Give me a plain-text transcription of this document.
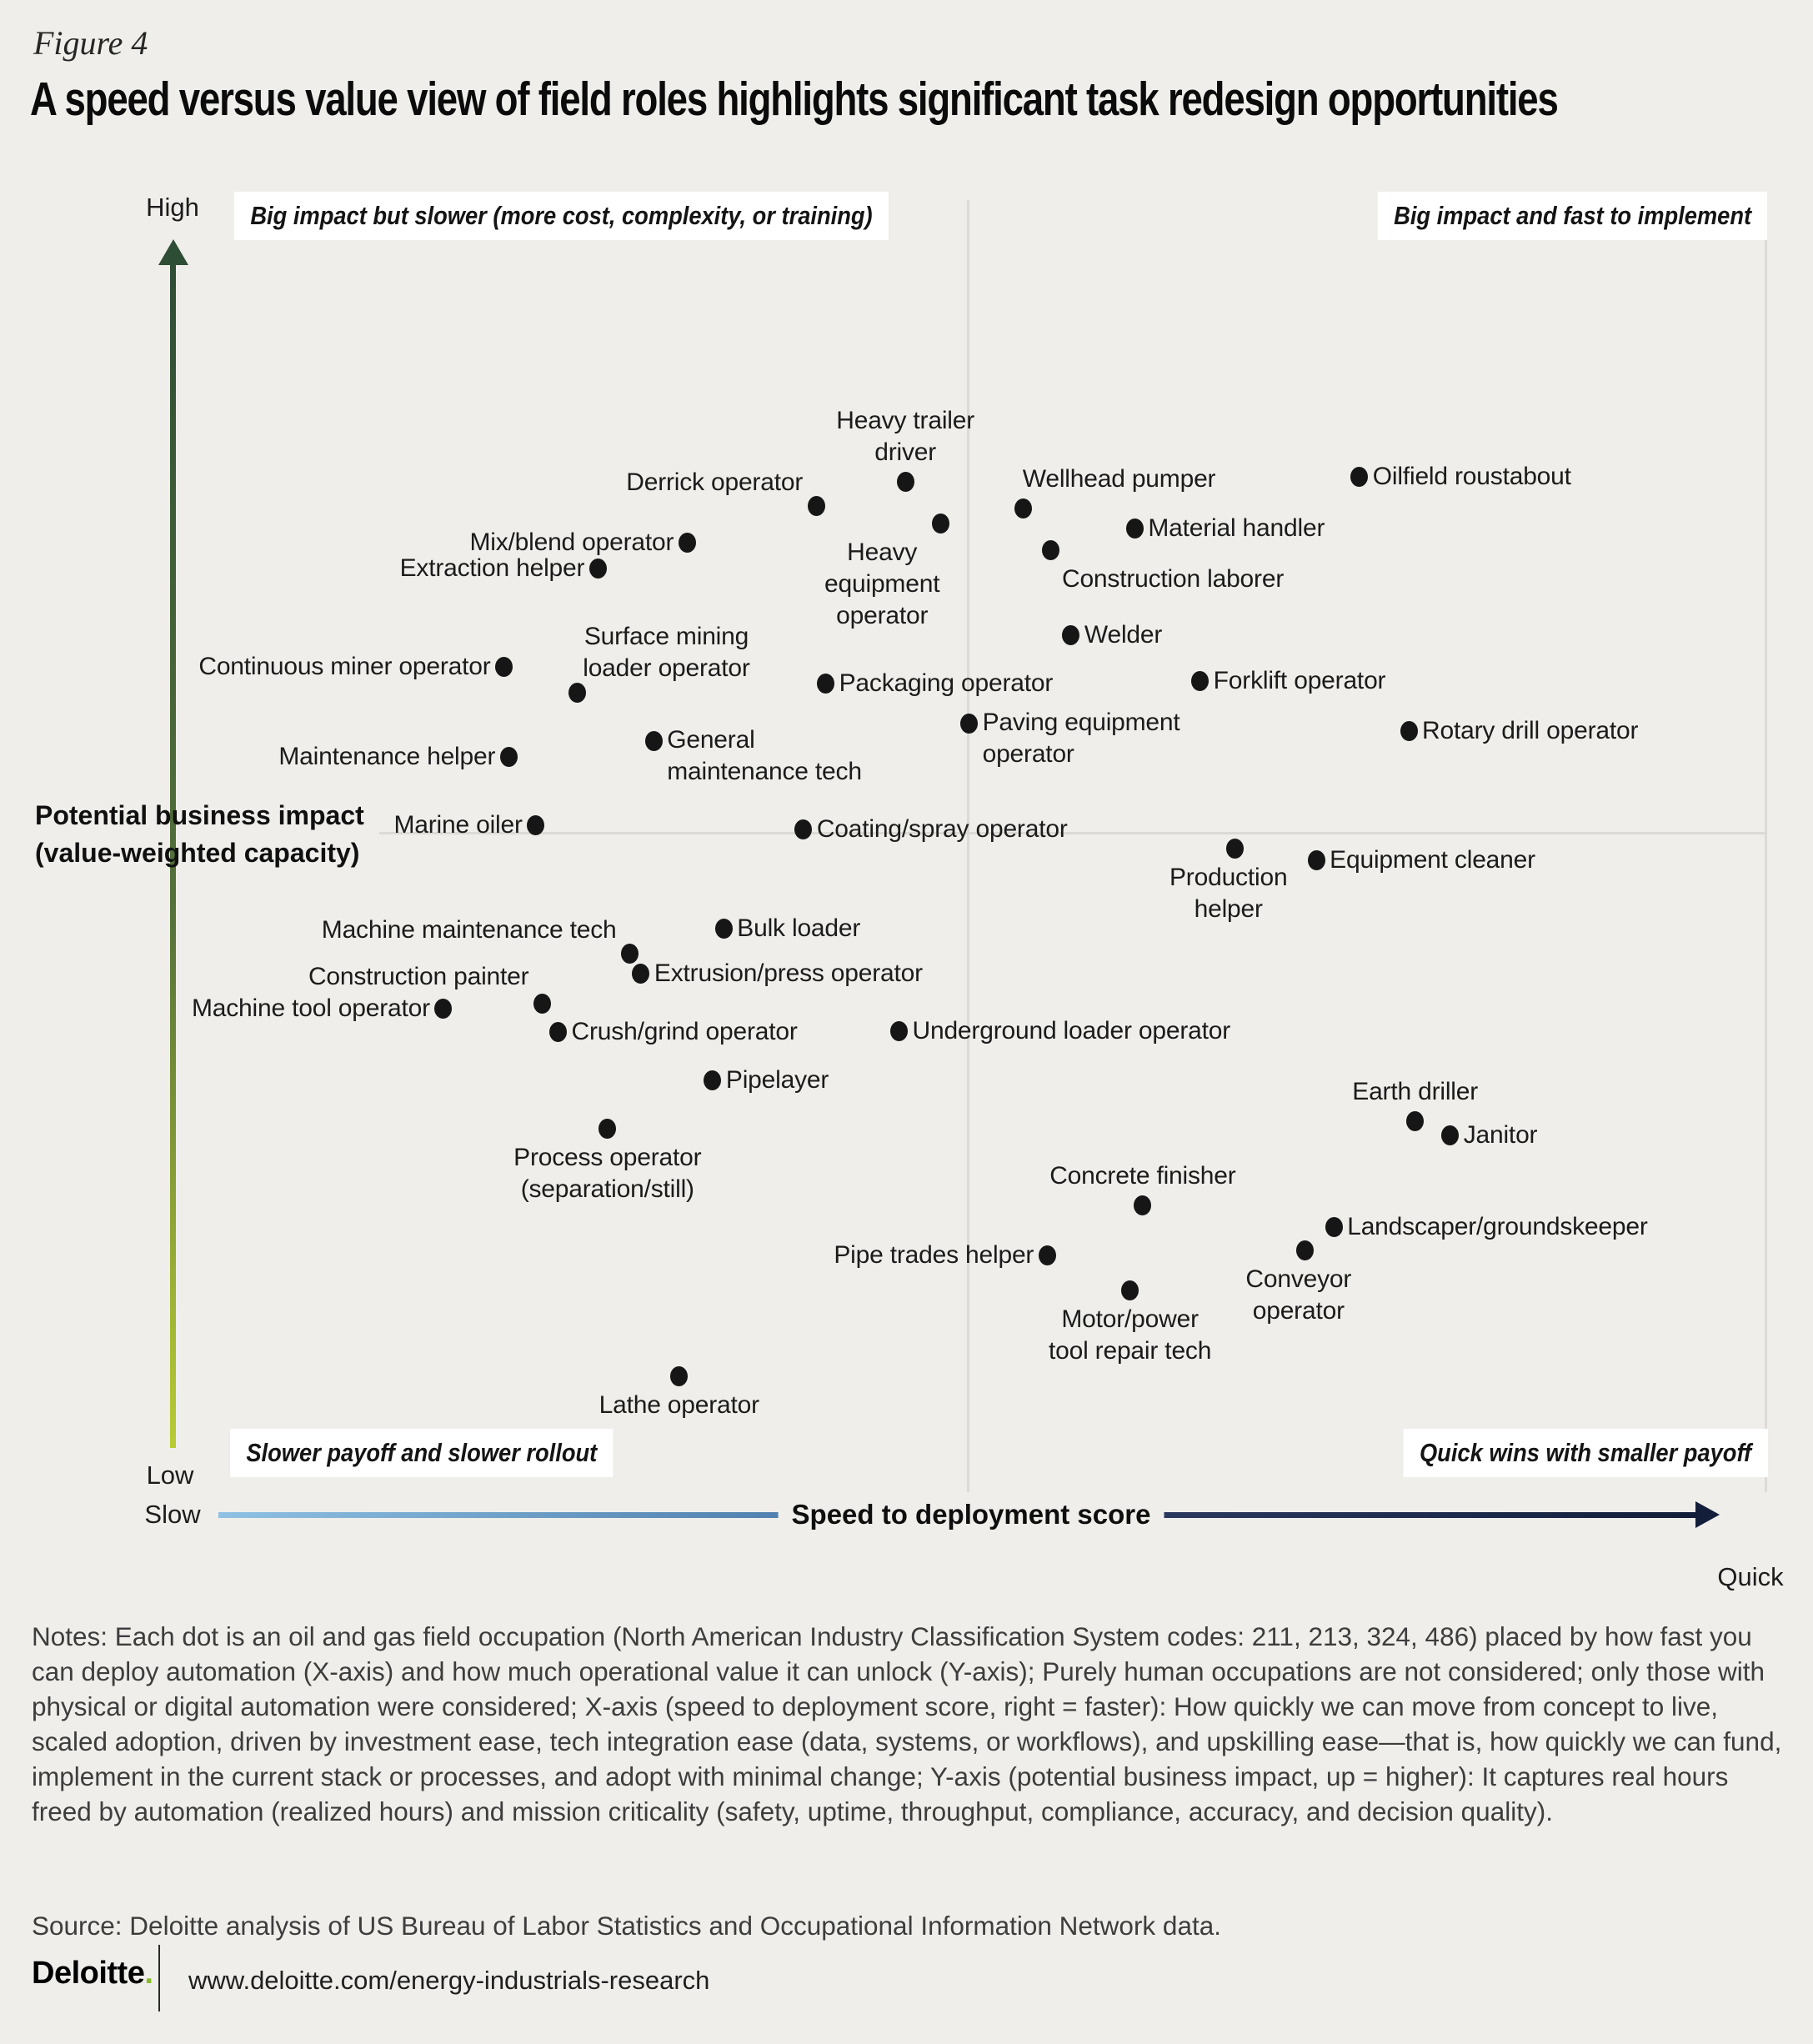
Figure 4
A speed versus value view of field roles highlights significant task redesign opportunities
Big impact but slower (more cost, complexity, or training)	Big impact and fast to implement
Slower payoff and slower rollout	Quick wins with smaller payoff
High
Low
Slow
Quick
Potential business impact
(value-weighted capacity)
Speed to deployment score
Heavy trailer
driver
Derrick operator	Oilfield roustabout
Wellhead pumper
Material handler
Mix/blend operator	Heavy
equipment
operator
Extraction helper	Construction laborer
Welder
Continuous miner operator
Surface mining
loader operator
Packaging operator	Forklift operator
Paving equipment
operator
Rotary drill operator
General
maintenance tech
Maintenance helper
Marine oiler	Coating/spray operator
Production
helper
Equipment cleaner
Machine maintenance tech	Bulk loader
Extrusion/press operator
Construction painter
Machine tool operator
Crush/grind operator	Underground loader operator
Pipelayer	Earth driller
Janitor
Process operator
(separation/still)
Concrete finisher
Landscaper/groundskeeper
Pipe trades helper
Conveyor
operator
Motor/power
tool repair tech
Lathe operator
Notes: Each dot is an oil and gas field occupation (North American Industry Classification System codes: 211, 213, 324, 486) placed by how fast you can deploy automation (X-axis) and how much operational value it can unlock (Y-axis); Purely human occupations are not considered; only those with physical or digital automation were considered; X-axis (speed to deployment score, right = faster): How quickly we can move from concept to live, scaled adoption, driven by investment ease, tech integration ease (data, systems, or workflows), and upskilling ease—that is, how quickly we can fund, implement in the current stack or processes, and adopt with minimal change; Y-axis (potential business impact, up = higher): It captures real hours freed by automation (realized hours) and mission criticality (safety, uptime, throughput, compliance, accuracy, and decision quality).
Source: Deloitte analysis of US Bureau of Labor Statistics and Occupational Information Network data.
Deloitte. www.deloitte.com/energy-industrials-research
